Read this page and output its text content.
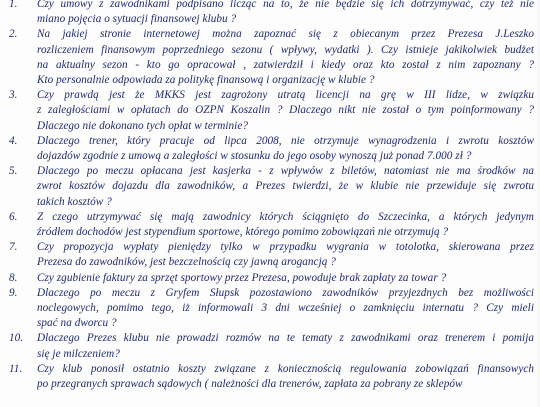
1.	Czy umowy z zawodnikami podpisano licząc na to, że nie będzie się ich dotrzymywać, czy też nie
miano pojęcia o sytuacji finansowej klubu ?
2.	Na jakiej stronie internetowej można zapoznać się z obiecanym przez Prezesa J.Leszko
rozliczeniem finansowym poprzedniego sezonu ( wpływy, wydatki ). Czy istnieje jakikolwiek budżet
na aktualny sezon - kto go opracował , zatwierdził i kiedy oraz kto został z nim zapoznany ?
Kto personalnie odpowiada za politykę finansową i organizację w klubie ?
3.	Czy prawdą jest że MKKS jest zagrożony utratą licencji na grę w III lidze, w związku
z zaległościami w opłatach do OZPN Koszalin ? Dlaczego nikt nie został o tym poinformowany ?
Dlaczego nie dokonano tych opłat w terminie?
4.	Dlaczego trener, który pracuje od lipca 2008, nie otrzymuje wynagrodzenia i zwrotu kosztów
dojazdów zgodnie z umową a zaległości w stosunku do jego osoby wynoszą już ponad 7.000 zł ?
5.	Dlaczego po meczu opłacana jest kasjerka - z wpływów z biletów, natomiast nie ma środków na
zwrot kosztów dojazdu dla zawodników, a Prezes twierdzi, że w klubie nie przewiduje się zwrotu
takich kosztów ?
6.	Z czego utrzymywać się mają zawodnicy których ściągnięto do Szczecinka, a których jedynym
źródłem dochodów jest stypendium sportowe, którego pomimo zobowiązań nie otrzymują ?
7.	Czy propozycja wypłaty pieniędzy tylko w przypadku wygrania w totolotka, skierowana przez
Prezesa do zawodników, jest bezczelnością czy jawną arogancją ?
8.	Czy zgubienie faktury za sprzęt sportowy przez Prezesa, powoduje brak zapłaty za towar ?
9.	Dlaczego po meczu z Gryfem Słupsk pozostawiono zawodników przyjezdnych bez możliwości
noclegowych, pomimo tego, iż informowali 3 dni wcześniej o zamknięciu internatu ? Czy mieli
spać na dworcu ?
10.	Dlaczego Prezes klubu nie prowadzi rozmów na te tematy z zawodnikami oraz trenerem i pomija
się je milczeniem?
11.	Czy klub ponosił ostatnio koszty związane z koniecznością regulowania zobowiązań finansowych
po przegranych sprawach sądowych ( należności dla trenerów, zapłata za pobrany ze sklepów
